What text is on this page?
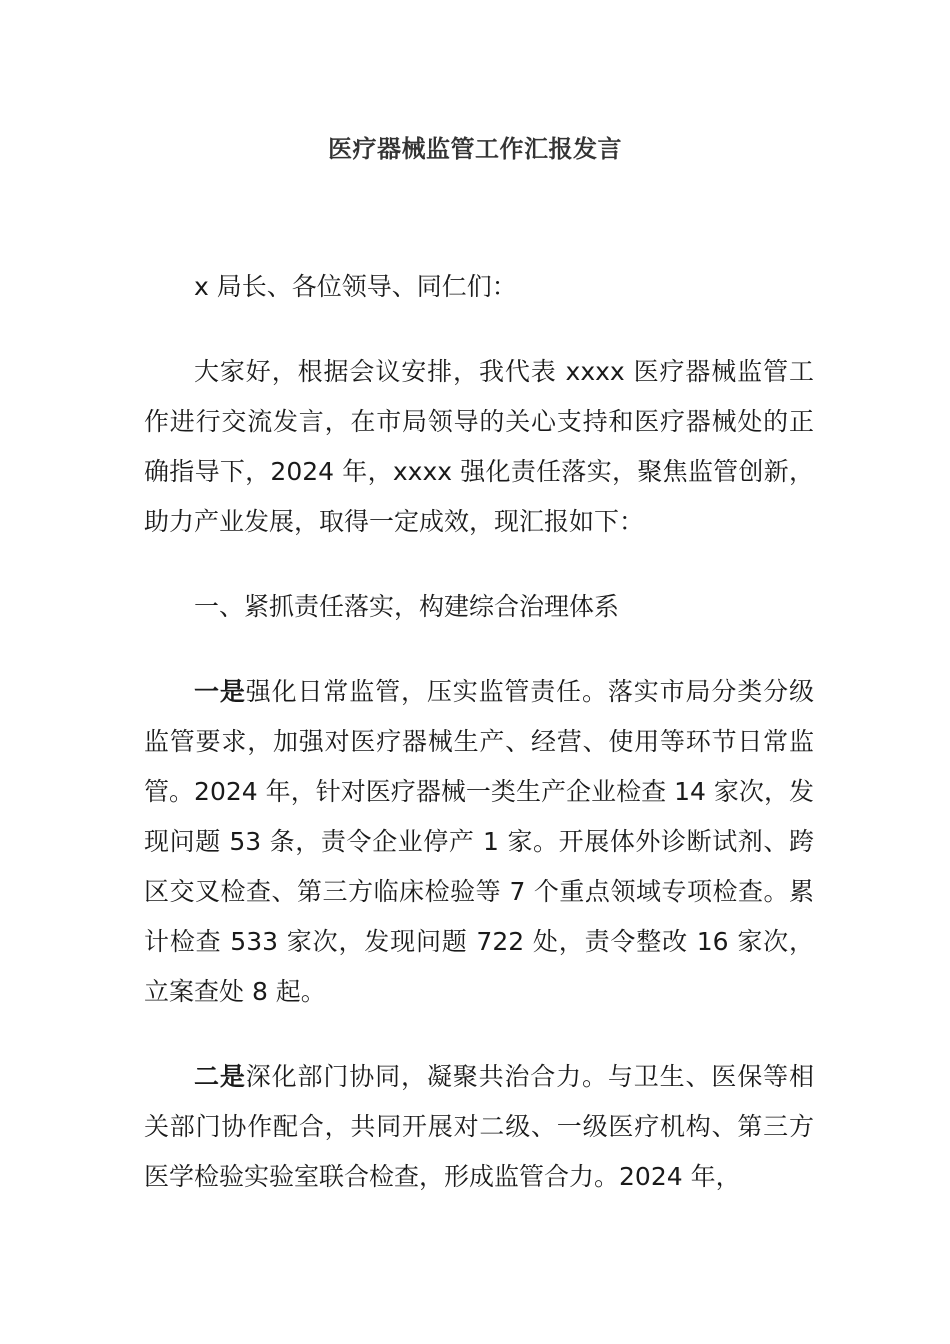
医疗器械监管工作汇报发言
x 局长、各位领导、同仁们：
大家好，根据会议安排，我代表 xxxx 医疗器械监管工作进行交流发言，在市局领导的关心支持和医疗器械处的正确指导下，2024 年，xxxx 强化责任落实，聚焦监管创新，助力产业发展，取得一定成效，现汇报如下：
一、紧抓责任落实，构建综合治理体系
一是强化日常监管，压实监管责任。落实市局分类分级监管要求，加强对医疗器械生产、经营、使用等环节日常监管。2024 年，针对医疗器械一类生产企业检查 14 家次，发现问题 53 条，责令企业停产 1 家。开展体外诊断试剂、跨区交叉检查、第三方临床检验等 7 个重点领域专项检查。累计检查 533 家次，发现问题 722 处，责令整改 16 家次，立案查处 8 起。
二是深化部门协同，凝聚共治合力。与卫生、医保等相关部门协作配合，共同开展对二级、一级医疗机构、第三方医学检验实验室联合检查，形成监管合力。2024 年，
